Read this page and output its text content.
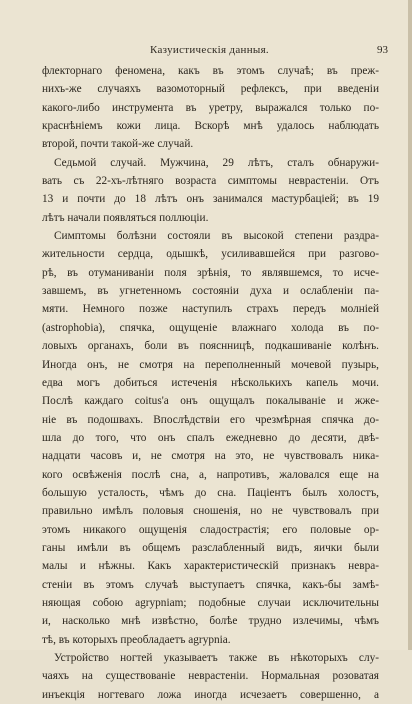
Казуистическія данныя.	93
флекторнаго феномена, какъ въ этомъ случаѣ; въ преж-
нихъ-же случаяхъ вазомоторный рефлексъ, при введеніи
какого-либо инструмента въ уретру, выражался только по-
краснѣніемъ кожи лица. Вскорѣ мнѣ удалось наблюдать
второй, почти такой-же случай.
Седьмой случай. Мужчина, 29 лѣтъ, сталъ обнаружи-
вать съ 22-хъ-лѣтняго возраста симптомы неврастеніи. Отъ
13 и почти до 18 лѣтъ онъ занимался мастурбаціей; въ 19
лѣтъ начали появляться поллюціи.
Симптомы болѣзни состояли въ высокой степени раздра-
жительности сердца, одышкѣ, усиливавшейся при разгово-
рѣ, въ отуманиваніи поля зрѣнія, то являвшемся, то исче-
завшемъ, въ угнетенномъ состояніи духа и ослабленіи па-
мяти. Немного позже наступилъ страхъ передъ молніей
(astrophobia), спячка, ощущеніе влажнаго холода въ по-
ловыхъ органахъ, боли въ пояснницѣ, подкашиваніе колѣнъ.
Иногда онъ, не смотря на переполненный мочевой пузырь,
едва могъ добиться истеченія нѣсколькихъ капель мочи.
Послѣ каждаго coitus'а онъ ощущалъ покалываніе и жже-
ніе въ подошвахъ. Впослѣдствіи его чрезмѣрная спячка до-
шла до того, что онъ спалъ ежедневно до десяти, двѣ-
надцати часовъ и, не смотря на это, не чувствовалъ ника-
кого освѣженія послѣ сна, а, напротивъ, жаловался еще на
большую усталость, чѣмъ до сна. Паціентъ былъ холостъ,
правильно имѣлъ половыя сношенія, но не чувствовалъ при
этомъ никакого ощущенія сладострастія; его половые ор-
ганы имѣли въ общемъ разслабленный видъ, яички были
малы и нѣжны. Какъ характеристическій признакъ неврa-
стеніи въ этомъ случаѣ выступаетъ спячка, какъ-бы замѣ-
няющая собою agrypniam; подобные случаи исключительны
и, насколько мнѣ извѣстно, болѣе трудно излечимы, чѣмъ
тѣ, въ которыхъ преобладаетъ agrypnia.
Устройство ногтей указываетъ также въ нѣкоторыхъ слу-
чаяхъ на существованіе неврастеніи. Нормальная розоватая
инъекція ногтеваго ложа иногда исчезаетъ совершенно, а
